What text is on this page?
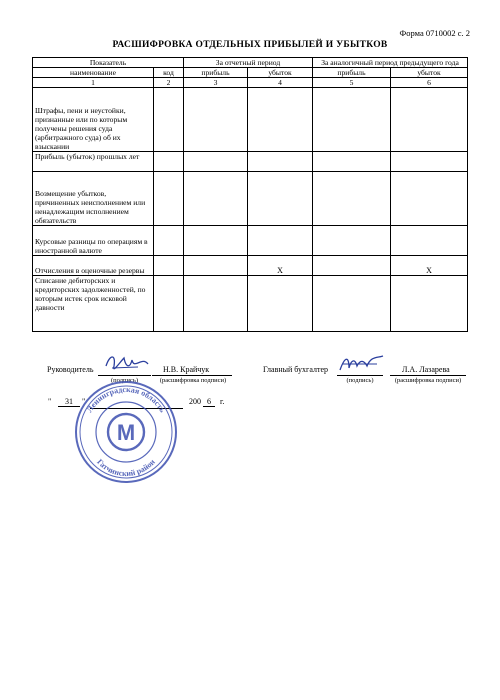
Форма 0710002 с. 2
РАСШИФРОВКА ОТДЕЛЬНЫХ ПРИБЫЛЕЙ И УБЫТКОВ
Показатель		За отчетный период		За аналогичный период предыдущего года	
наименование	код	прибыль	убыток	прибыль	убыток
1	2	3	4	5	6
Штрафы, пени и неустойки, признанные или по которым получены решения суда (арбитражного суда) об их взыскании					
Прибыль (убыток) прошлых лет					
Возмещение убытков, причиненных неисполнением или ненадлежащим исполнением обязательств					
Курсовые разницы по операциям в иностранной валюте					
Отчисления в оценочные резервы			X		X
Списание дебиторских и кредиторских задолженностей, по которым истек срок исковой давности					
Руководитель
(подпись)
Н.В. Крайчук
(расшифровка подписи)
Главный бухгалтер
(подпись)
Л.А. Лазарева
(расшифровка подписи)
"	31	"	200 6	г.
Ленинградская область
Гатчинский район
М
